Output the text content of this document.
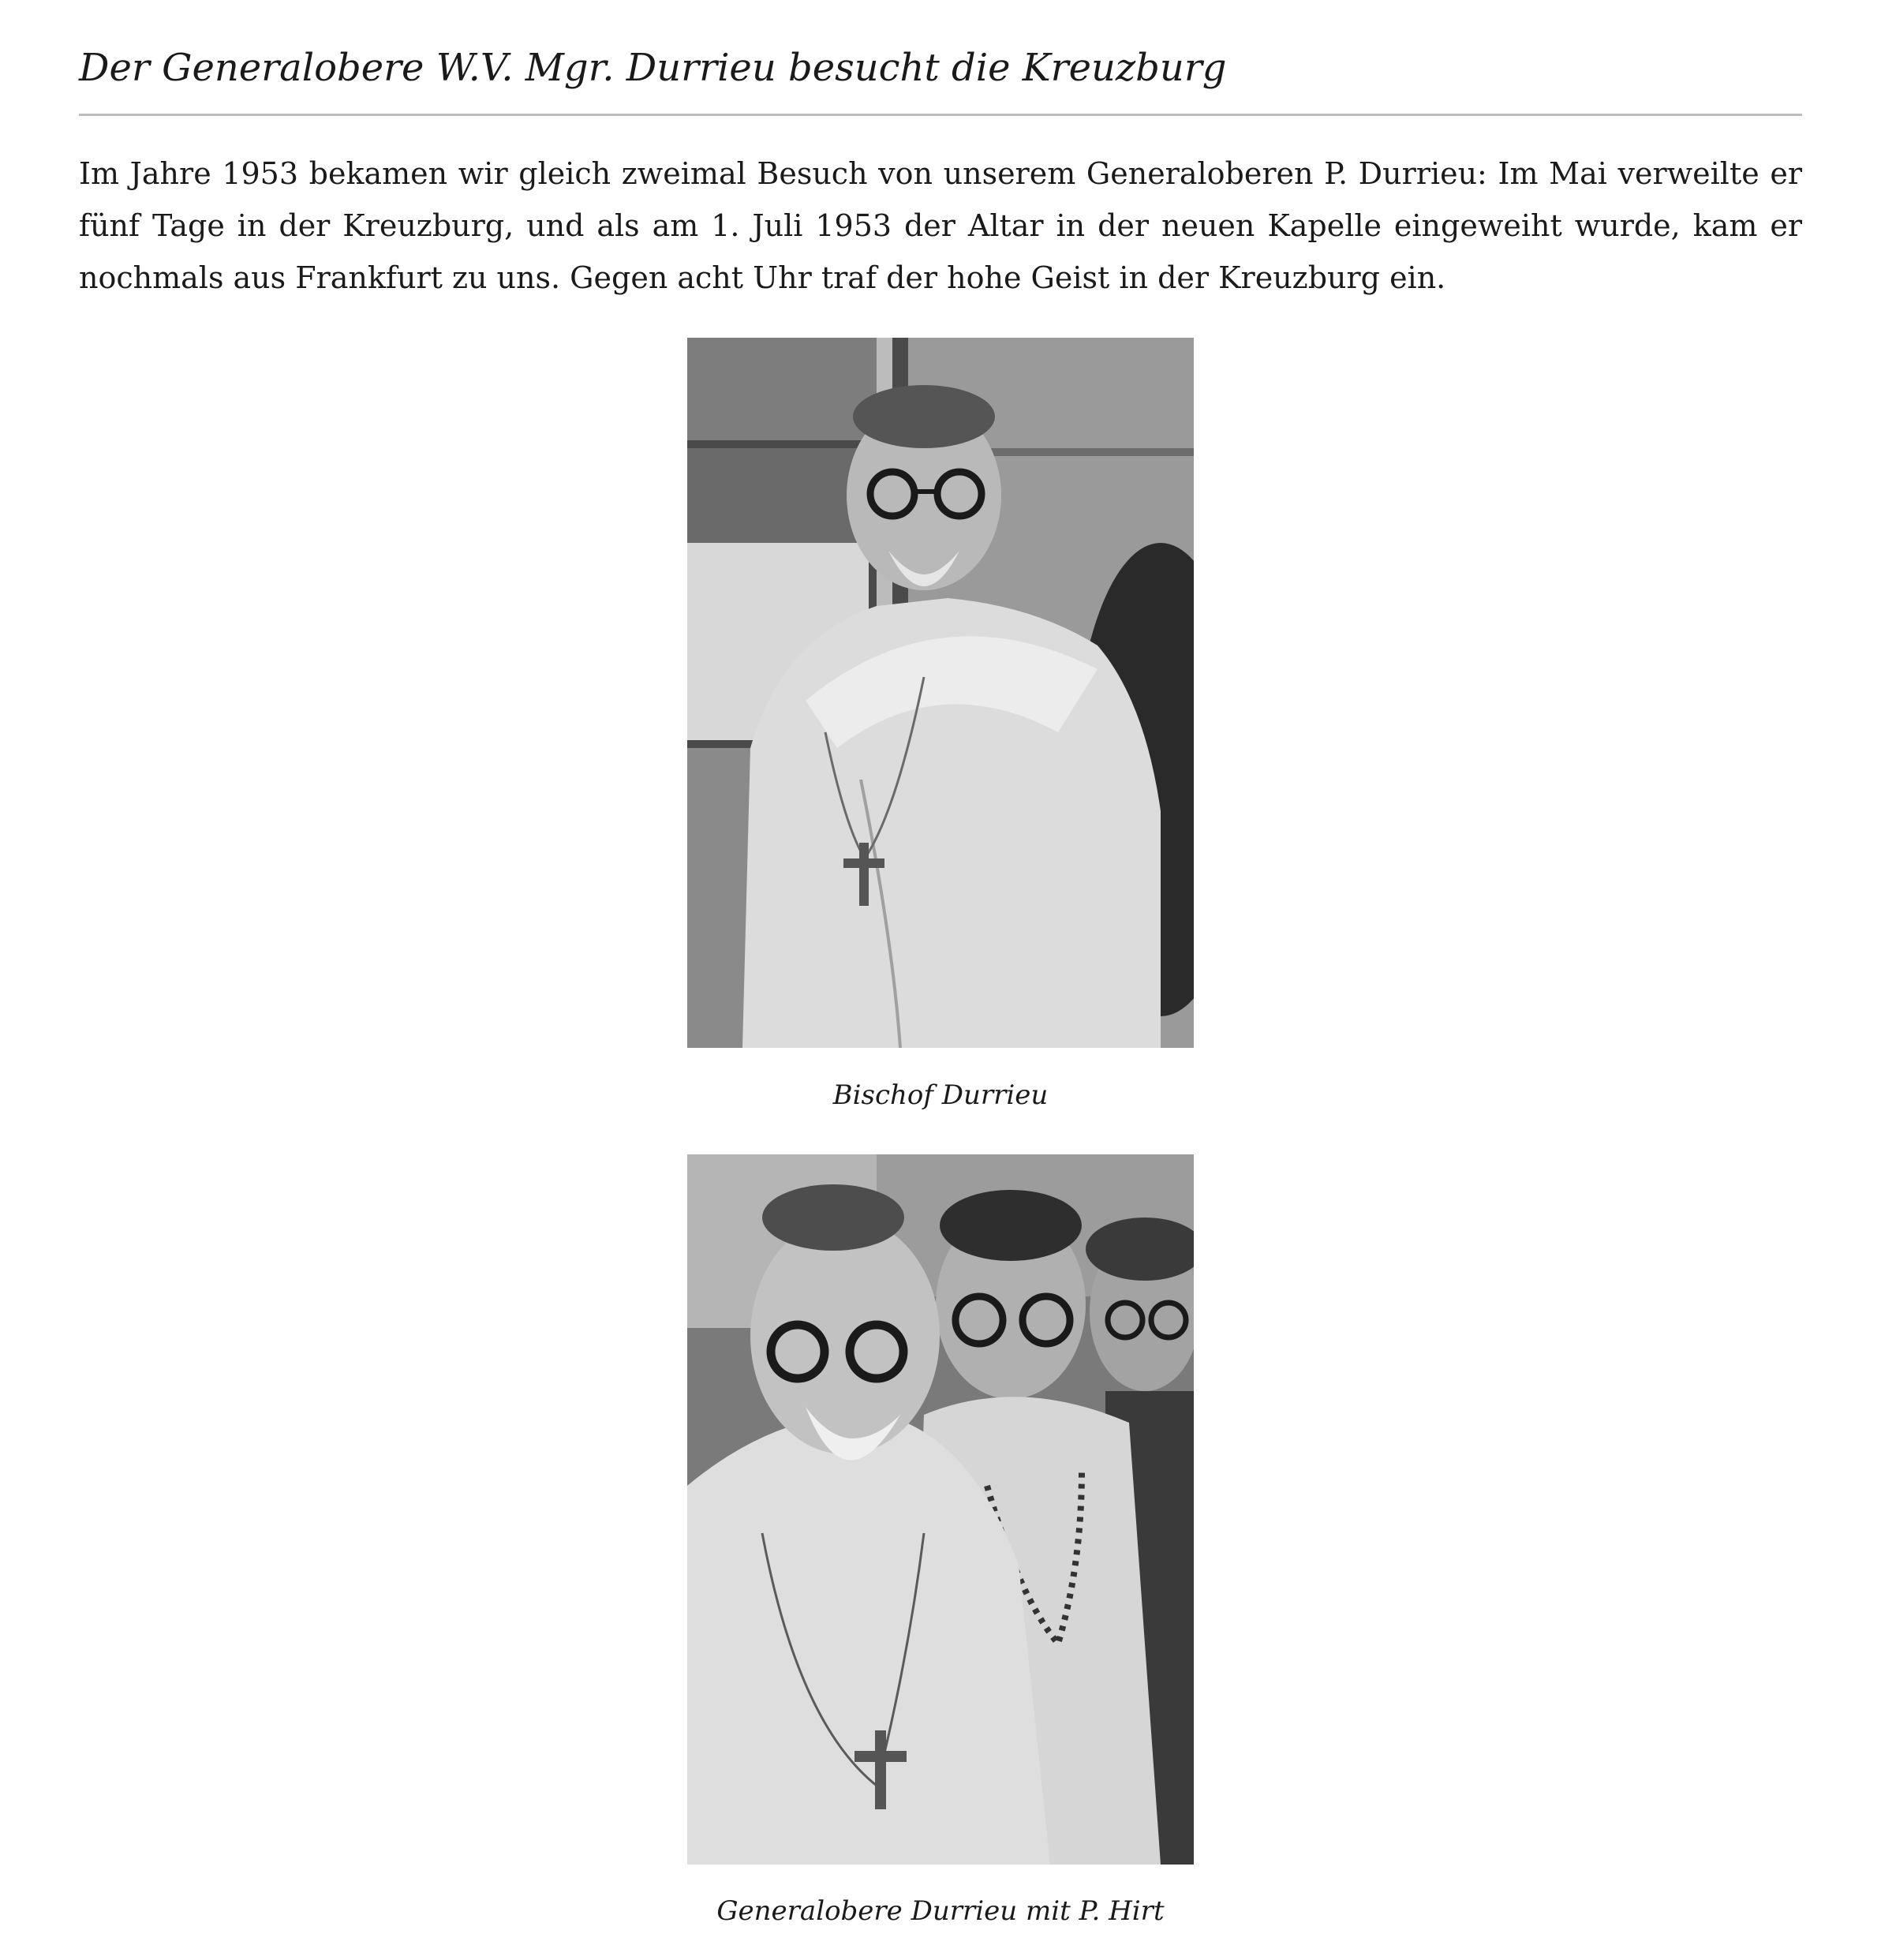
Der Generalobere W.V. Mgr. Durrieu besucht die Kreuzburg

Im Jahre 1953 bekamen wir gleich zweimal Besuch von unserem Generaloberen P. Durrieu: Im Mai verweilte er fünf Tage in der Kreuzburg, und als am 1. Juli 1953 der Altar in der neuen Kapelle eingeweiht wurde, kam er nochmals aus Frankfurt zu uns. Gegen acht Uhr traf der hohe Geist in der Kreuzburg ein.

Bischof Durrieu
Generalobere Durrieu mit P. Hirt
